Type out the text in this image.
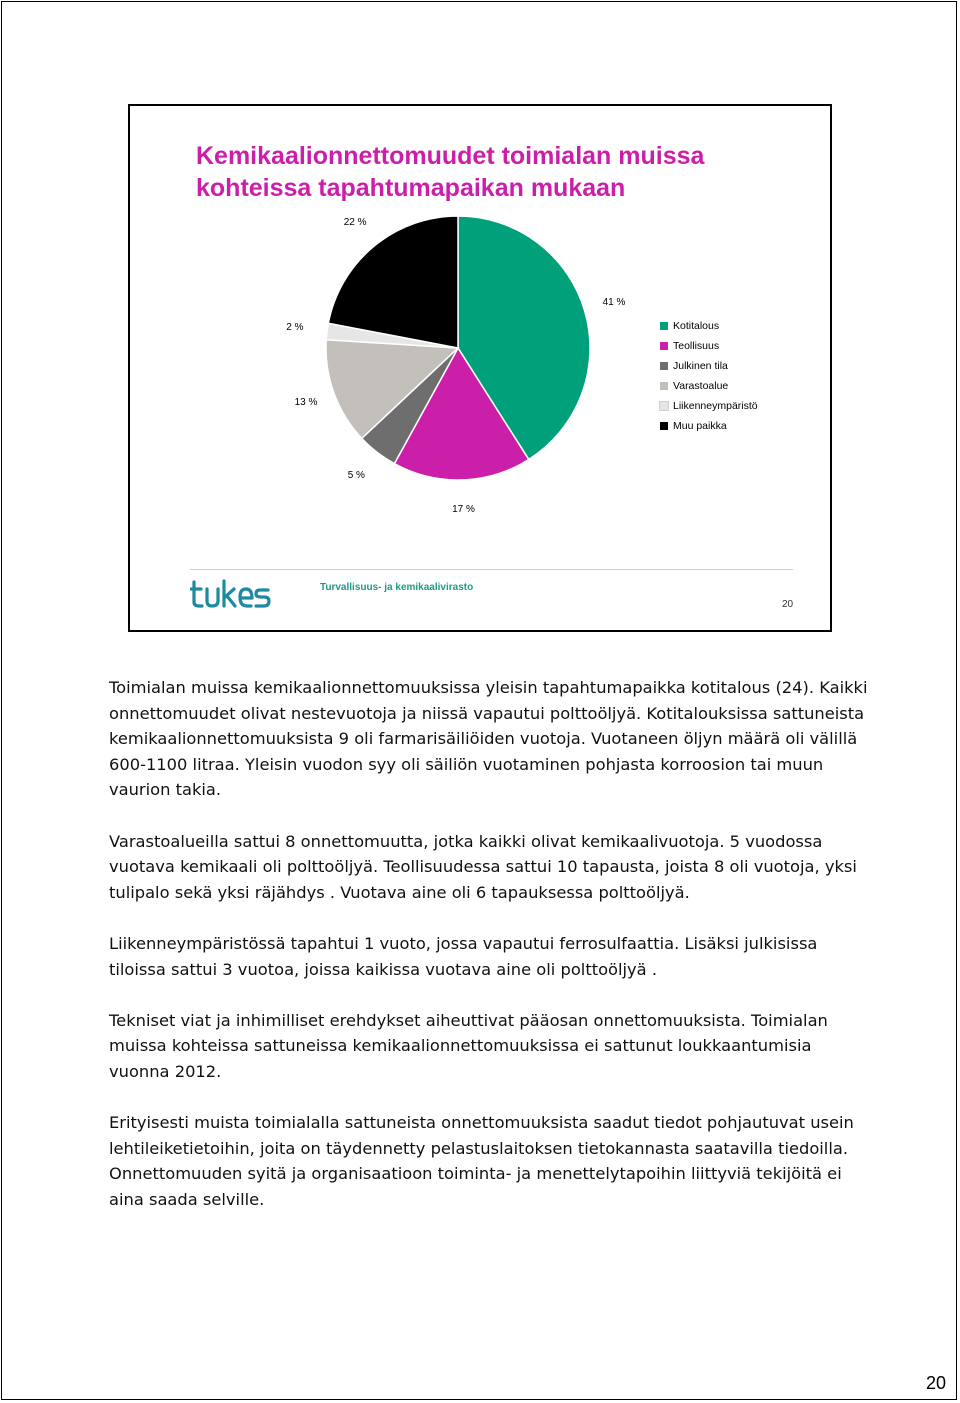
Kemikaalionnettomuudet toimialan muissa
kohteissa tapahtumapaikan mukaan
41 %
17 %
5 %
13 %
2 %
22 %
Kotitalous
Teollisuus
Julkinen tila
Varastoalue
Liikenneympäristö
Muu paikka
Turvallisuus- ja kemikaalivirasto
20

Toimialan muissa kemikaalionnettomuuksissa yleisin tapahtumapaikka kotitalous (24). Kaikki onnettomuudet olivat nestevuotoja ja niissä vapautui polttoöljyä. Kotitalouksissa sattuneista kemikaalionnettomuuksista 9 oli farmarisäiliöiden vuotoja. Vuotaneen öljyn määrä oli välillä 600-1100 litraa. Yleisin vuodon syy oli säiliön vuotaminen pohjasta korroosion tai muun vaurion takia.

Varastoalueilla sattui 8 onnettomuutta, jotka kaikki olivat kemikaalivuotoja. 5 vuodossa vuotava kemikaali oli polttoöljyä. Teollisuudessa sattui 10 tapausta, joista 8 oli vuotoja, yksi tulipalo sekä yksi räjähdys . Vuotava aine oli 6 tapauksessa polttoöljyä.

Liikenneympäristössä tapahtui 1 vuoto, jossa vapautui ferrosulfaattia. Lisäksi julkisissa tiloissa sattui 3 vuotoa, joissa kaikissa vuotava aine oli polttoöljyä .

Tekniset viat ja inhimilliset erehdykset aiheuttivat pääosan onnettomuuksista. Toimialan muissa kohteissa sattuneissa kemikaalionnettomuuksissa ei sattunut loukkaantumisia vuonna 2012.

Erityisesti muista toimialalla sattuneista onnettomuuksista saadut tiedot pohjautuvat usein lehtileiketietoihin, joita on täydennetty pelastuslaitoksen tietokannasta saatavilla tiedoilla. Onnettomuuden syitä ja organisaatioon toiminta- ja menettelytapoihin liittyviä tekijöitä ei aina saada selville.

20
